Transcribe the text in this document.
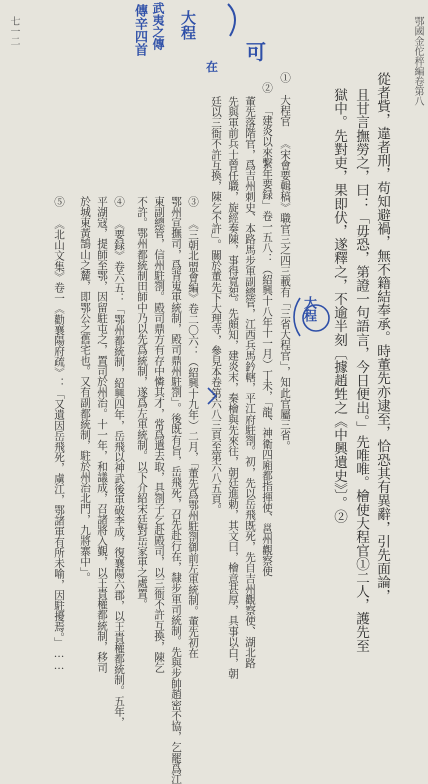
鄂國金佗稡編卷第八
從者貲，違者刑，苟知避禍，無不籍結奉承。時董先亦逮至，恰恐其有異辭，引先面論，
且甘言撫勞之，曰：「毋恐，第證一句語言，今日便出。」先唯唯。檜使大程官①二人，護先至
獄中。先對吏，果即伏，遂釋之，不逾半刻〔據趙甡之《中興遺史》〕。②
① 大程官 《宋會要輯稿》職官三之四三載有「三省大程官」，知此官屬三省。
② 「建炎以來繫年要録」卷一五八：（紹興十八年十一月）丁未，「龍、神衛四廂都指揮使、邕州觀察使
董先落階官，爲吉州刺史、本路馬步軍副總管，江西兵馬鈐轄，平江府駐劄。初，先以岳飛既死，先自吉州觀察使、湖北路
先與軍前兵士曾任職，旋經奏陳，事得寬恕。先頗知，建炎末，秦檜與先來往，朝廷進勅，其文曰，檜意甚厚，具事以白，朝
廷以三衙不許互換，陳乞不許」。關於董先下大理寺，參見本卷第六八三頁至第六八五頁。
③ 《三朝北盟會編》卷二〇六：（紹興十九年）二月，「董先爲鄂州駐劄御前左軍統制。董先初在
鄂州宣撫司，爲背嵬軍統制，殿司鼎州駐劄」。後既有旨，岳飛死，召先赴行在，隸步軍司統制。先與步帥趙密不協，乞罷爲江
東副總管，信州駐劄。殿司鼎方有存中憐其才，常爲遣去取，具劄子乞赴殿司，以三衙不許互換，陳乞
不許。鄂州都統制田師中乃以先爲統制，遂爲左軍統制。以下介紹宋廷對岳家軍之處置。
④ 《要録》卷六五：「鄂州都統制，紹興四年，岳飛以神武後軍破李成，復襄陽六郡，以王貴權都統制。五年，
平湖寇，提師至鄂，因留駐屯之，置司於州治。十一年，和議成，召諸將入覲，以王貴權都統制，移司
於城東黃鵠山之麓，即鄂公之舊宅也。又有副都統制，駐於州治北門，九將寨中」。
⑤ 《北山文集》卷一《勸襄陽府疏》：「又遺因岳飛死，虜江，鄂諸軍有所未喻，因駐擾焉。」……
七一二
可
大程
傳辛四首 武夷之傳
在
大程
